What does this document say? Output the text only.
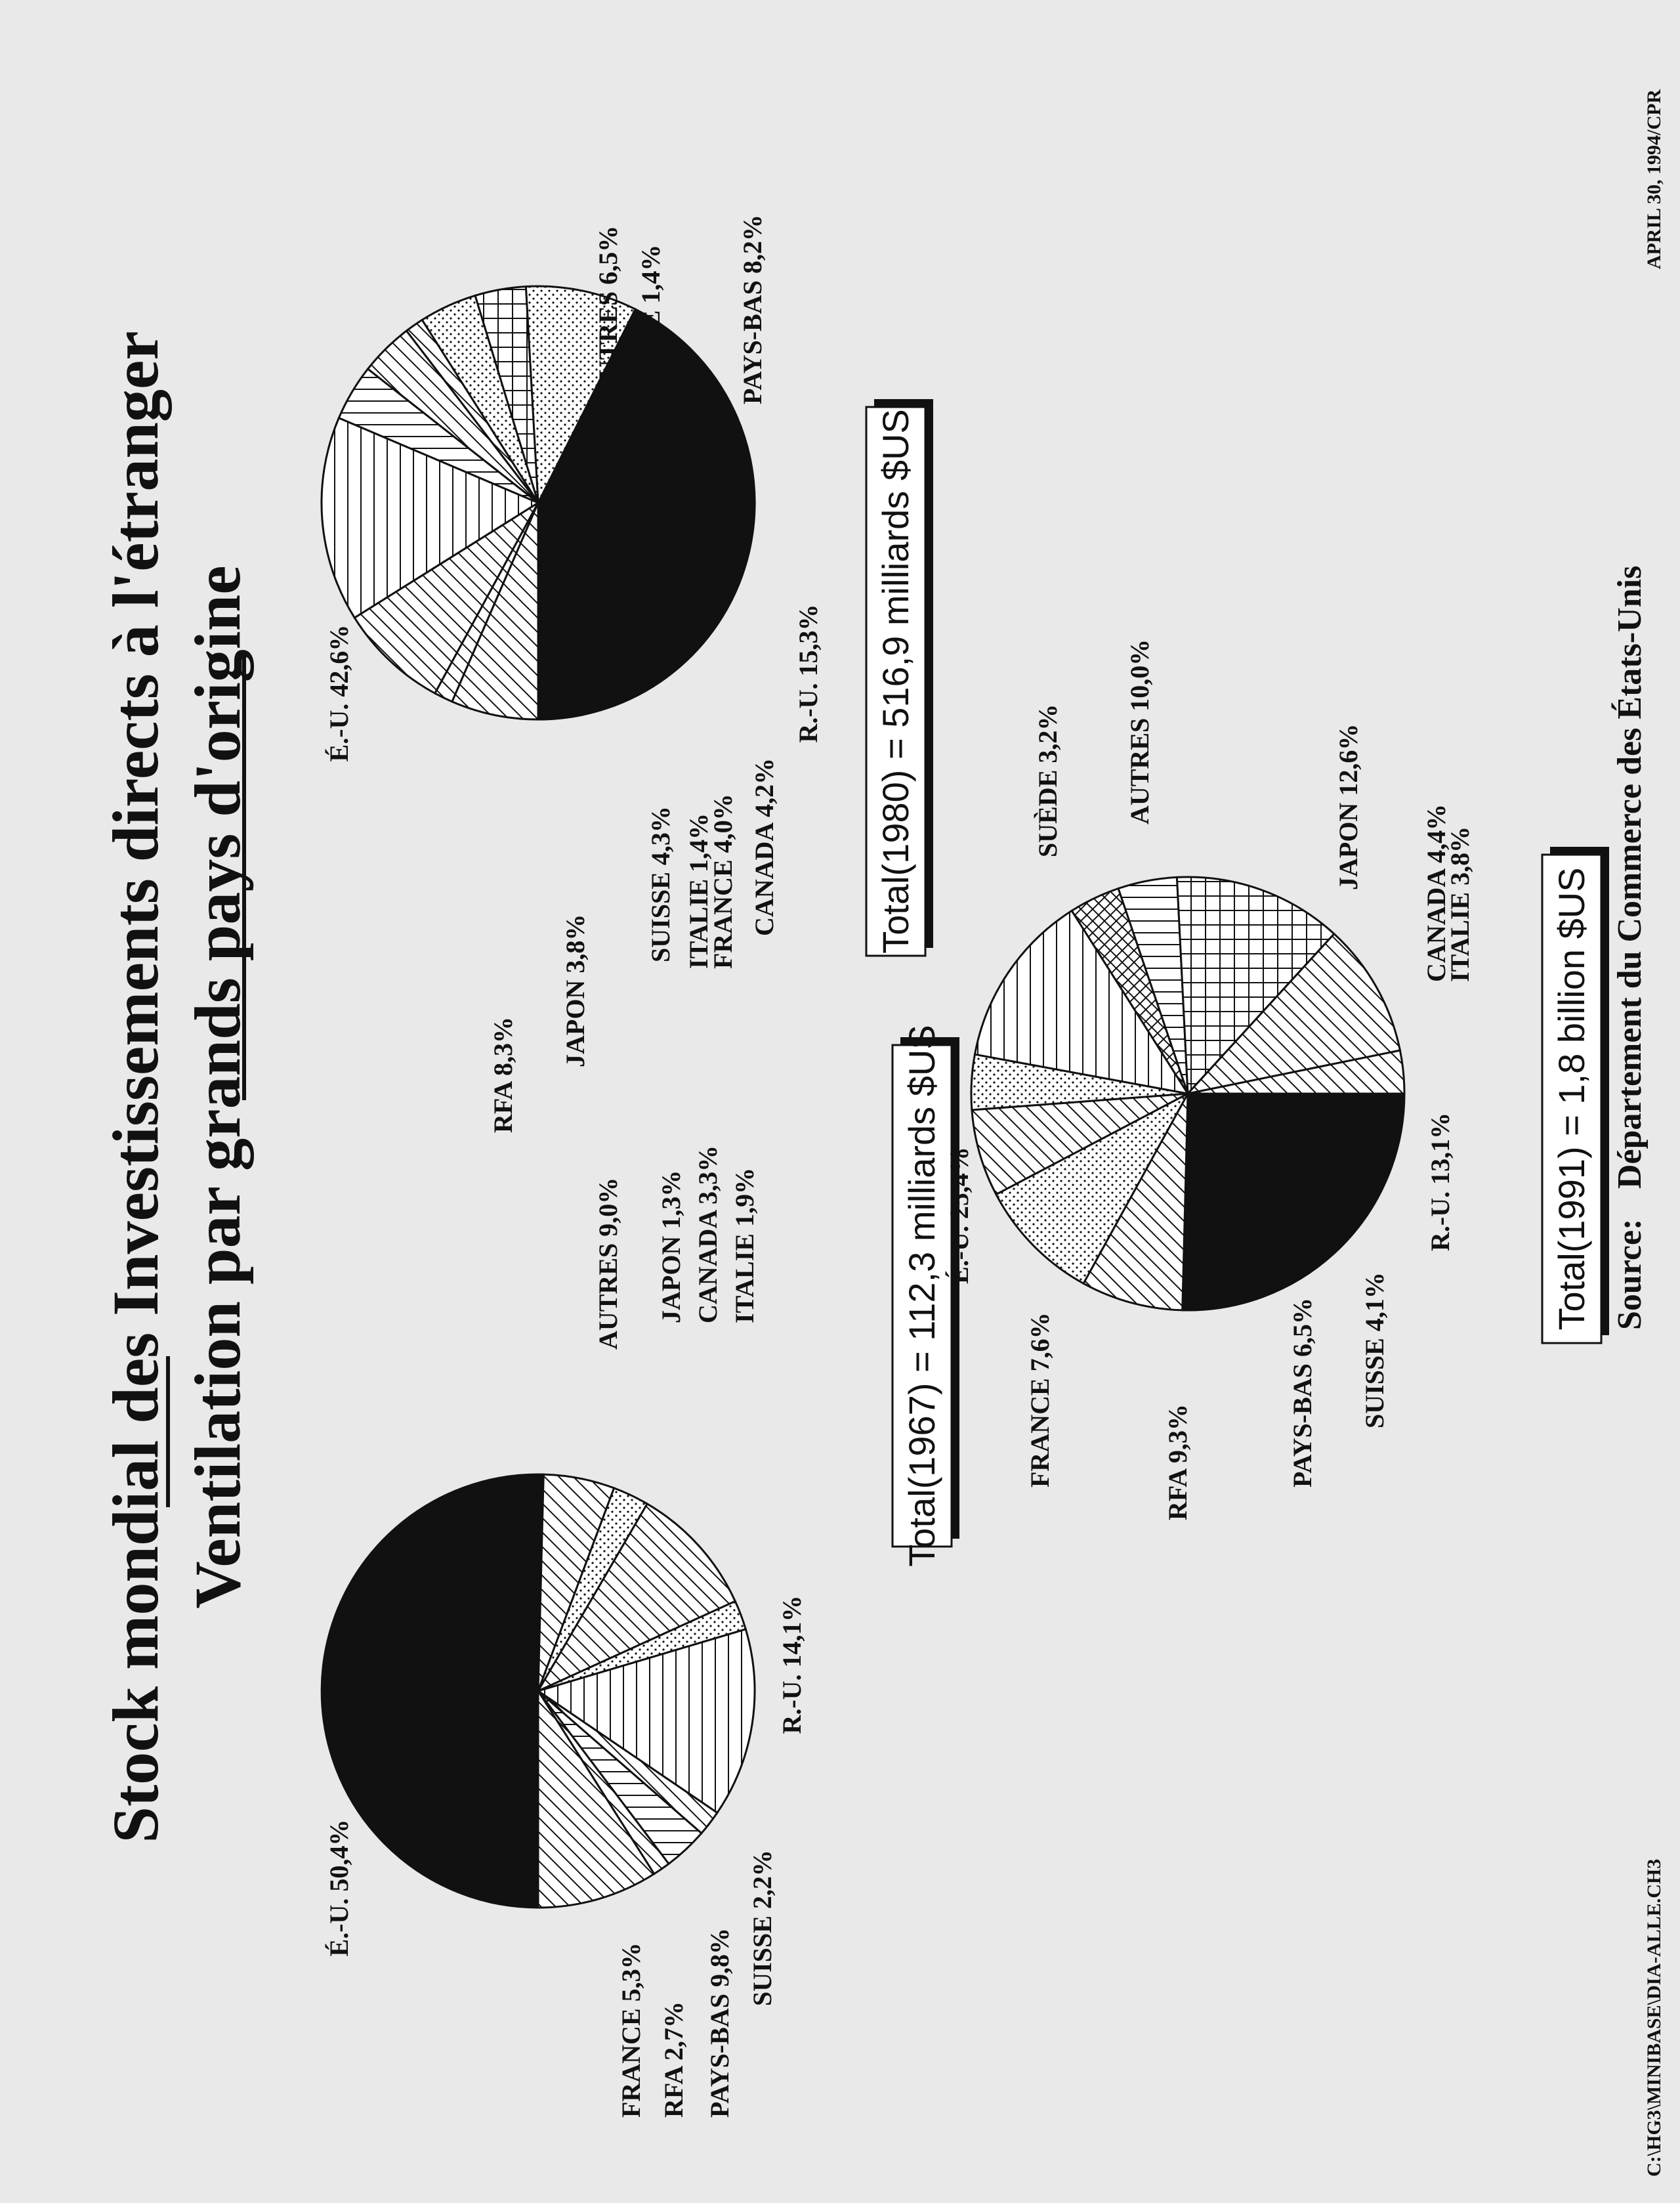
Stock mondial des Investissements directs à l'étranger Ventilation par grands pays d'origine
É.-U. 50,4%
FRANCE 5,3% RFA 2,7% PAYS-BAS 9,8% SUISSE 2,2%
R.-U. 14,1%
ITALIE 1,9%
CANADA 3,3%
JAPON 1,3%
AUTRES 9,0%	Total(1967) = 112,3 milliards $US
É.-U. 42,6%
RFA 8,3%
JAPON 3,8%
SUISSE 4,3% ITALIE 1,4%
FRANCE 4,0% CANADA 4,2%
R.-U. 15,3%
PAYS-BAS 8,2%
SUÈDE 1,4%
AUTRES 6,5%
Total(1980) = 516,9 milliards $US
É.-U. 25,4%
FRANCE 7,6%	RFA 9,3%	PAYS-BAS 6,5% SUISSE 4,1%
R.-U. 13,1%
ITALIE 3,8%
CANADA 4,4%
JAPON 12,6%
AUTRES 10,0%
SUÈDE 3,2%
Total(1991) = 1,8 billion $US Source:
Département du Commerce des États-Unis
C:\HG3\MINIBASE\DIA-ALLE.CH3
APRIL 30, 1994/CPR
